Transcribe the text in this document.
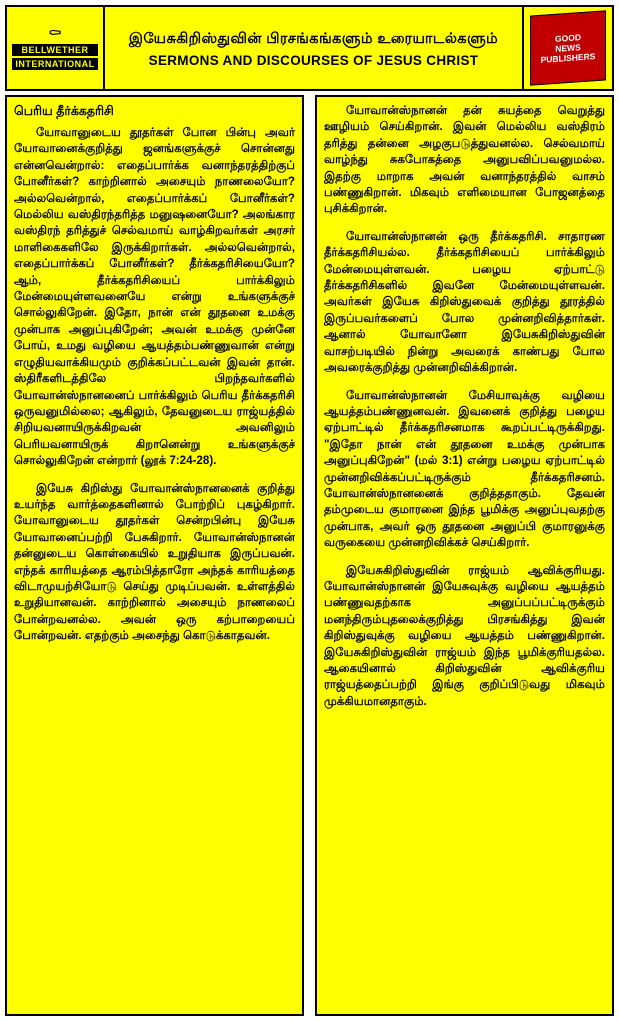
⚰
BELLWETHER
INTERNATIONAL
இயேசுகிறிஸ்துவின் பிரசங்கங்களும் உரையாடல்களும்
SERMONS AND DISCOURSES OF JESUS CHRIST
GOOD
NEWS
PUBLISHERS
பெரிய தீர்க்கதரிசி

யோவானுடைய தூதர்கள் போன பின்பு அவர் யோவானைக்குறித்து ஜனங்களுக்குச் சொன்னது என்னவென்றால்: எதைப்பார்க்க வனாந்தரத்திற்குப் போனீர்கள்? காற்றினால் அசையும் நாணலையோ? அல்லவென்றால், எதைப்பார்க்கப் போனீர்கள்? மெல்லிய வஸ்திரந்தரித்த மனுஷனையோ? அலங்கார வஸ்திரந் தரித்துச் செல்வமாய் வாழ்கிறவர்கள் அரசர் மாளிகைகளிலே இருக்கிறார்கள். அல்லவென்றால், எதைப்பார்க்கப் போனீர்கள்? தீர்க்கதரிசியையோ? ஆம், தீர்க்கதரிசியைப் பார்க்கிலும் மேன்மையுள்ளவனையே என்று உங்களுக்குச் சொல்லுகிறேன். இதோ, நான் என் தூதனை உமக்கு முன்பாக அனுப்புகிறேன்; அவன் உமக்கு முன்னே போய், உமது வழியை ஆயத்தம்பண்ணுவான் என்று எழுதியவாக்கியமும் குறிக்கப்பட்டவன் இவன் தான். ஸ்திரீகளிடத்திலே பிறந்தவர்களில் யோவான்ஸ்நானனைப் பார்க்கிலும் பெரிய தீர்க்கதரிசி ஒருவனுமில்லை; ஆகிலும், தேவனுடைய ராஜ்யத்தில் சிறியவனாயிருக்கிறவன் அவனிலும் பெரியவனாயிருக் கிறானென்று உங்களுக்குச் சொல்லுகிறேன் என்றார் (லூக் 7:24-28).

இயேசு கிறிஸ்து யோவான்ஸ்நானனைக் குறித்து உயர்ந்த வார்த்தைகளினால் போற்றிப் புகழ்கிறார். யோவானுடைய தூதர்கள் சென்றபின்பு இயேசு யோவானைப்பற்றி பேசுகிறார். யோவான்ஸ்நானன் தன்னுடைய கொள்கையில் உறுதியாக இருப்பவன். எந்தக் காரியத்தை ஆரம்பித்தாரோ அந்தக் காரியத்தை விடாமுயற்சியோடு செய்து முடிப்பவன். உள்ளத்தில் உறுதியானவன். காற்றினால் அசையும் நாணலைப் போன்றவனல்ல. அவன் ஒரு கற்பாறையைப் போன்றவன். எதற்கும் அசைந்து கொடுக்காதவன்.

யோவான்ஸ்நானன் தன் சுயத்தை வெறுத்து ஊழியம் செய்கிறான். இவன் மெல்லிய வஸ்திரம் தரித்து தன்னை அழகுபடுத்துவனல்ல. செல்வமாய் வாழ்ந்து சுகபோகத்தை அனுபவிப்பவனுமல்ல. இதற்கு மாறாக அவன் வனாந்தரத்தில் வாசம் பண்ணுகிறான். மிகவும் எளிமையான போஜனத்தை புசிக்கிறான்.

யோவான்ஸ்நானன் ஒரு தீர்க்கதரிசி. சாதாரண தீர்க்கதரிசியல்ல. தீர்க்கதரிசியைப் பார்க்கிலும் மேன்மையுள்ளவன். பழைய ஏற்பாட்டு தீர்க்கதரிசிகளில் இவனே மேன்மையுள்ளவன். அவர்கள் இயேசு கிறிஸ்துவைக் குறித்து தூரத்தில் இருப்பவர்களைப் போல முன்னறிவித்தார்கள். ஆனால் யோவானோ இயேசுகிறிஸ்துவின் வாசற்படியில் நின்று அவரைக் காண்பது போல அவரைக்குறித்து முன்னறிவிக்கிறான்.

யோவான்ஸ்நானன் மேசியாவுக்கு வழியை ஆயத்தம்பண்ணுனவன். இவனைக் குறித்து பழைய ஏற்பாட்டில் தீர்க்கதரிசனமாக கூறப்பட்டிருக்கிறது. "இதோ நான் என் தூதனை உமக்கு முன்பாக அனுப்புகிறேன்" (மல் 3:1) என்று பழைய ஏற்பாட்டில் முன்னறிவிக்கப்பட்டிருக்கும் தீர்க்கதரிசனம். யோவான்ஸ்நானனைக் குறித்ததாகும். தேவன் தம்முடைய குமாரனை இந்த பூமிக்கு அனுப்புவதற்கு முன்பாக, அவர் ஒரு தூதனை அனுப்பி குமாரனுக்கு வருகையை முன்னறிவிக்கச் செய்கிறார்.

இயேசுகிறிஸ்துவின் ராஜ்யம் ஆவிக்குரியது. யோவான்ஸ்நானன் இயேசுவுக்கு வழியை ஆயத்தம் பண்ணுவதற்காக அனுப்பப்பட்டிருக்கும் மனந்திரும்புதலைக்குறித்து பிரசங்கித்து இவன் கிறிஸ்துவுக்கு வழியை ஆயத்தம் பண்ணுகிறான். இயேசுகிறிஸ்துவின் ராஜ்யம் இந்த பூமிக்குரியதல்ல. ஆகையினால் கிறிஸ்துவின் ஆவிக்குரிய ராஜ்யத்தைப்பற்றி இங்கு குறிப்பிடுவது மிகவும் முக்கியமானதாகும்.
